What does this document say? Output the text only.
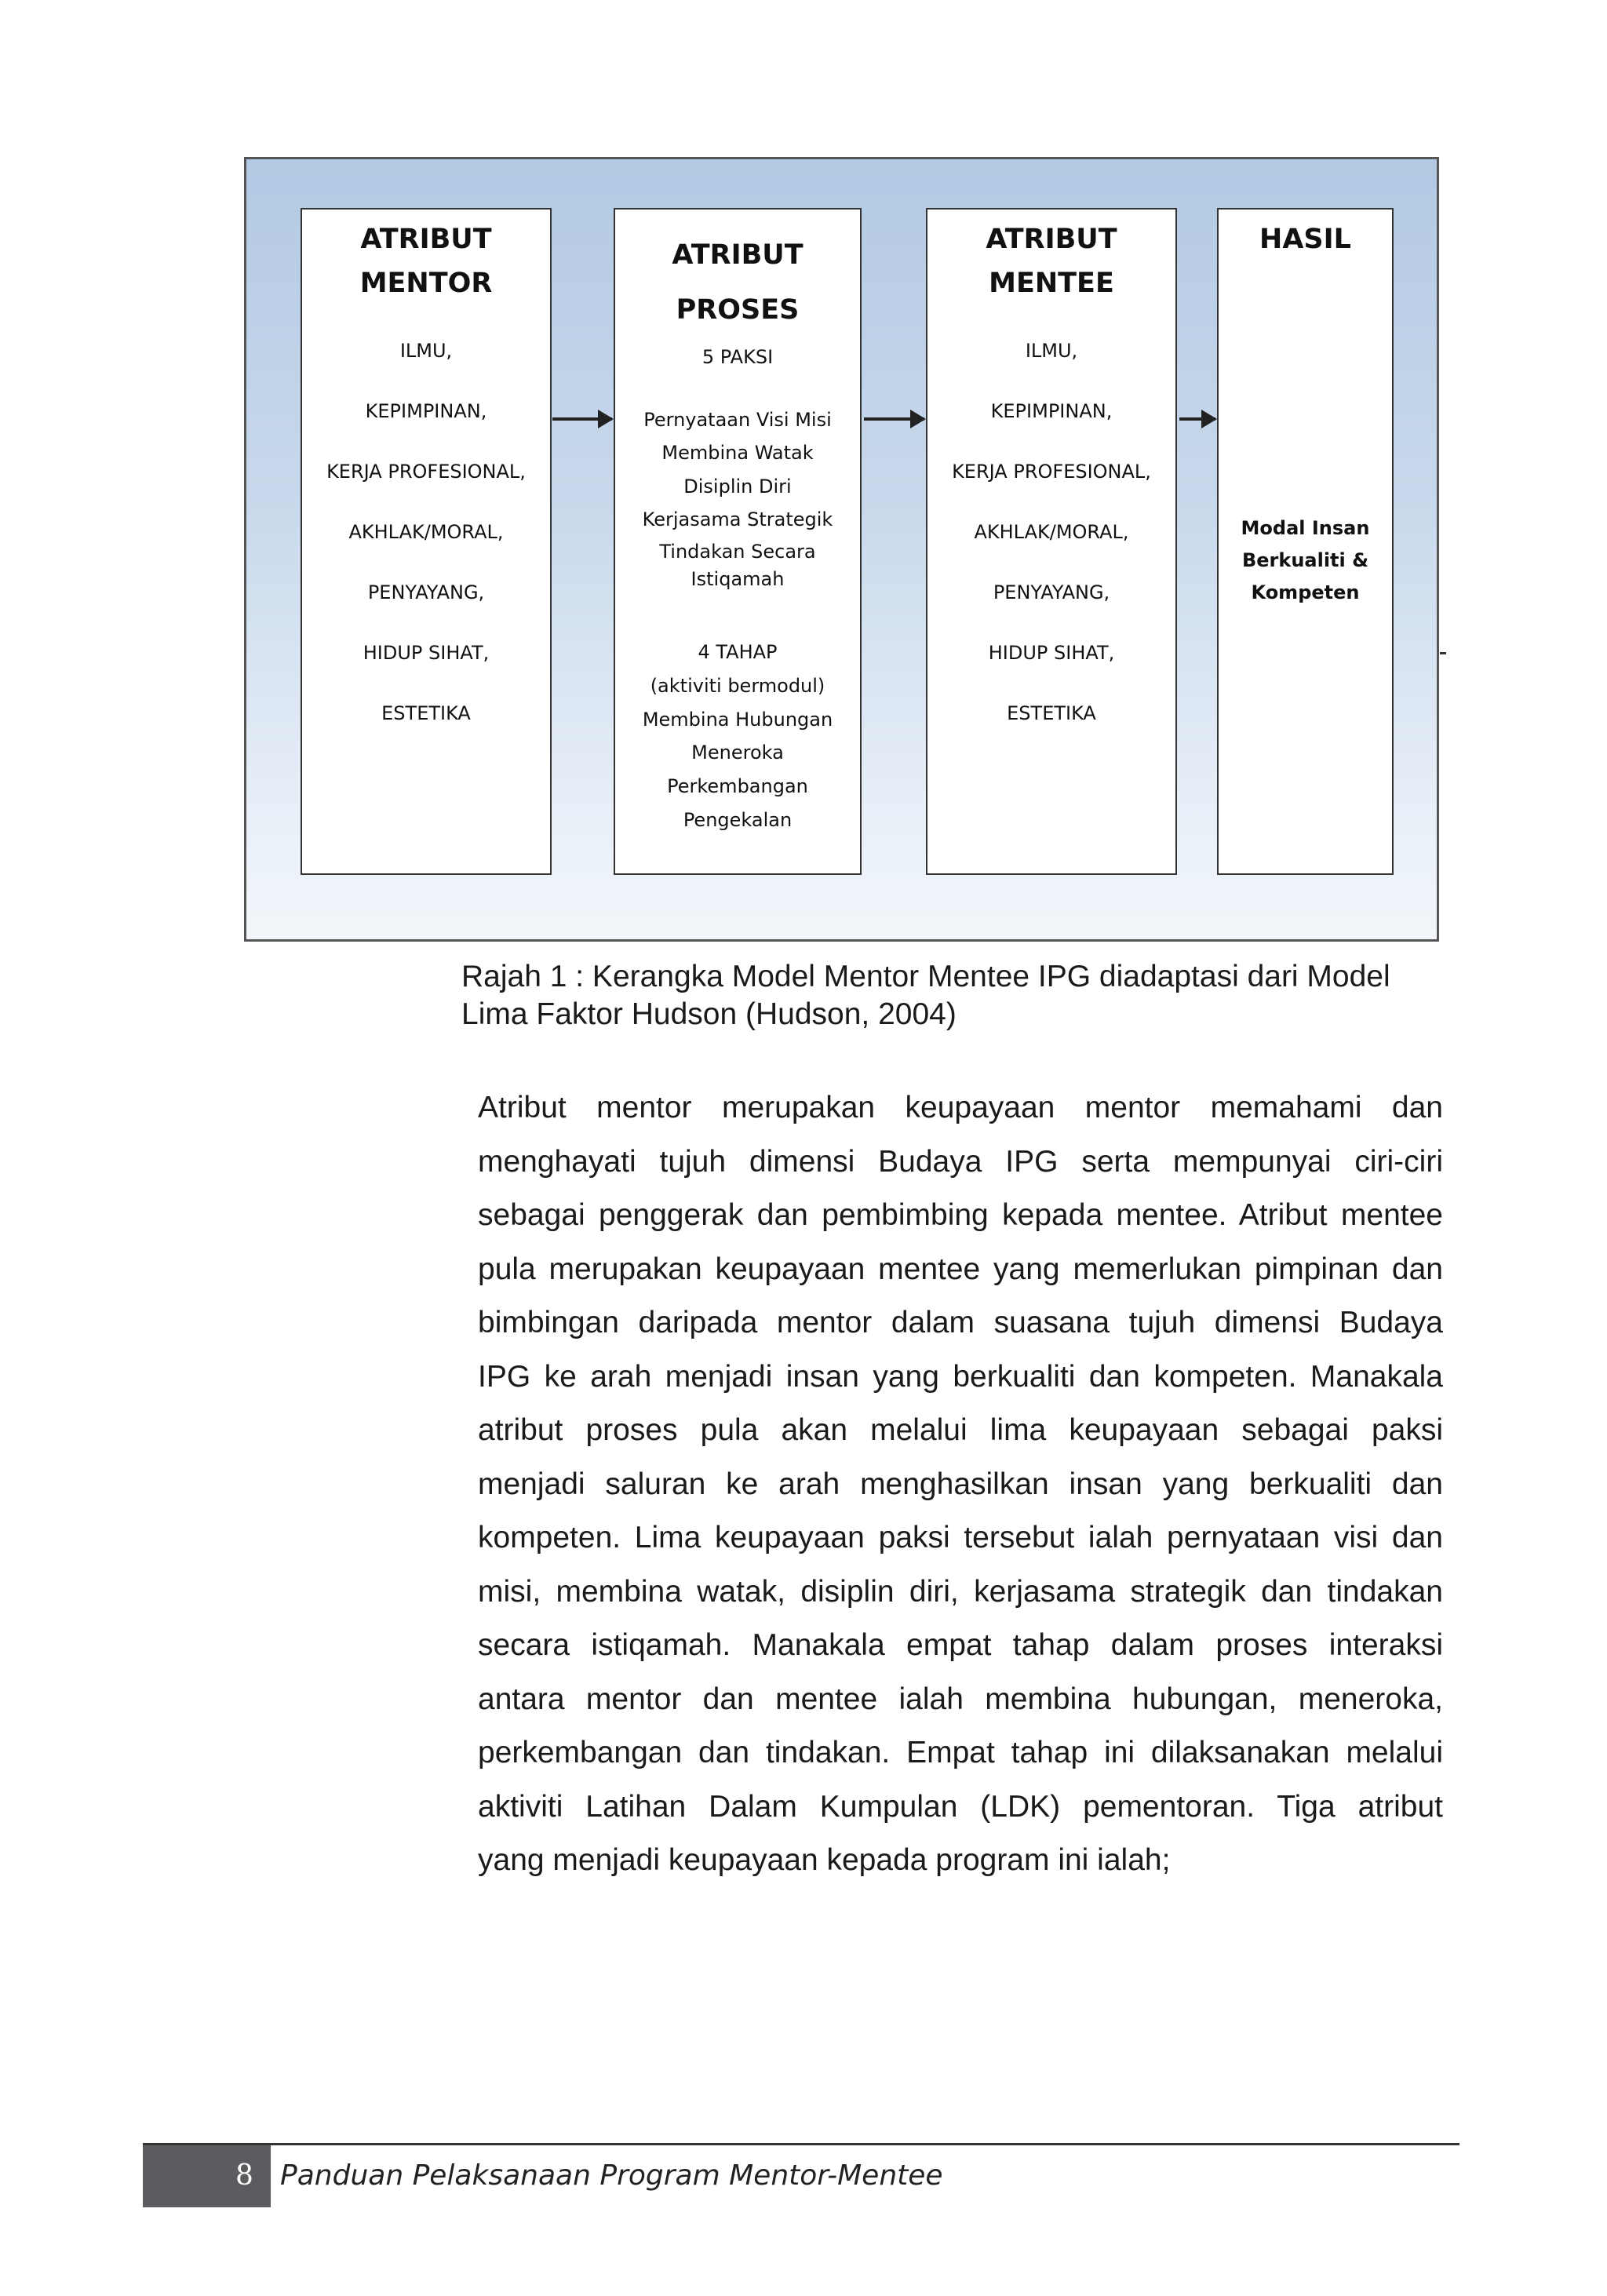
ATRIBUT
MENTOR
ILMU,
KEPIMPINAN,
KERJA PROFESIONAL,
AKHLAK/MORAL,
PENYAYANG,
HIDUP SIHAT,
ESTETIKA
ATRIBUT
PROSES
5 PAKSI
Pernyataan Visi Misi
Membina Watak
Disiplin Diri
Kerjasama Strategik
Tindakan Secara
Istiqamah
4 TAHAP
(aktiviti bermodul)
Membina Hubungan
Meneroka
Perkembangan
Pengekalan
ATRIBUT
MENTEE
ILMU,
KEPIMPINAN,
KERJA PROFESIONAL,
AKHLAK/MORAL,
PENYAYANG,
HIDUP SIHAT,
ESTETIKA
HASIL
Modal Insan
Berkualiti &
Kompeten
Rajah 1 : Kerangka Model Mentor Mentee IPG diadaptasi dari Model
Lima Faktor Hudson (Hudson, 2004)
Atribut mentor merupakan keupayaan mentor memahami dan
menghayati tujuh dimensi Budaya IPG serta mempunyai ciri-ciri
sebagai penggerak dan pembimbing kepada mentee. Atribut mentee
pula merupakan keupayaan mentee yang memerlukan pimpinan dan
bimbingan daripada mentor dalam suasana tujuh dimensi Budaya
IPG ke arah menjadi insan yang berkualiti dan kompeten. Manakala
atribut proses pula akan melalui lima keupayaan sebagai paksi
menjadi saluran ke arah menghasilkan insan yang berkualiti dan
kompeten. Lima keupayaan paksi tersebut ialah pernyataan visi dan
misi, membina watak, disiplin diri, kerjasama strategik dan tindakan
secara istiqamah. Manakala empat tahap dalam proses interaksi
antara mentor dan mentee ialah membina hubungan, meneroka,
perkembangan dan tindakan. Empat tahap ini dilaksanakan melalui
aktiviti Latihan Dalam Kumpulan (LDK) pementoran. Tiga atribut
yang menjadi keupayaan kepada program ini ialah;
8 Panduan Pelaksanaan Program Mentor-Mentee
